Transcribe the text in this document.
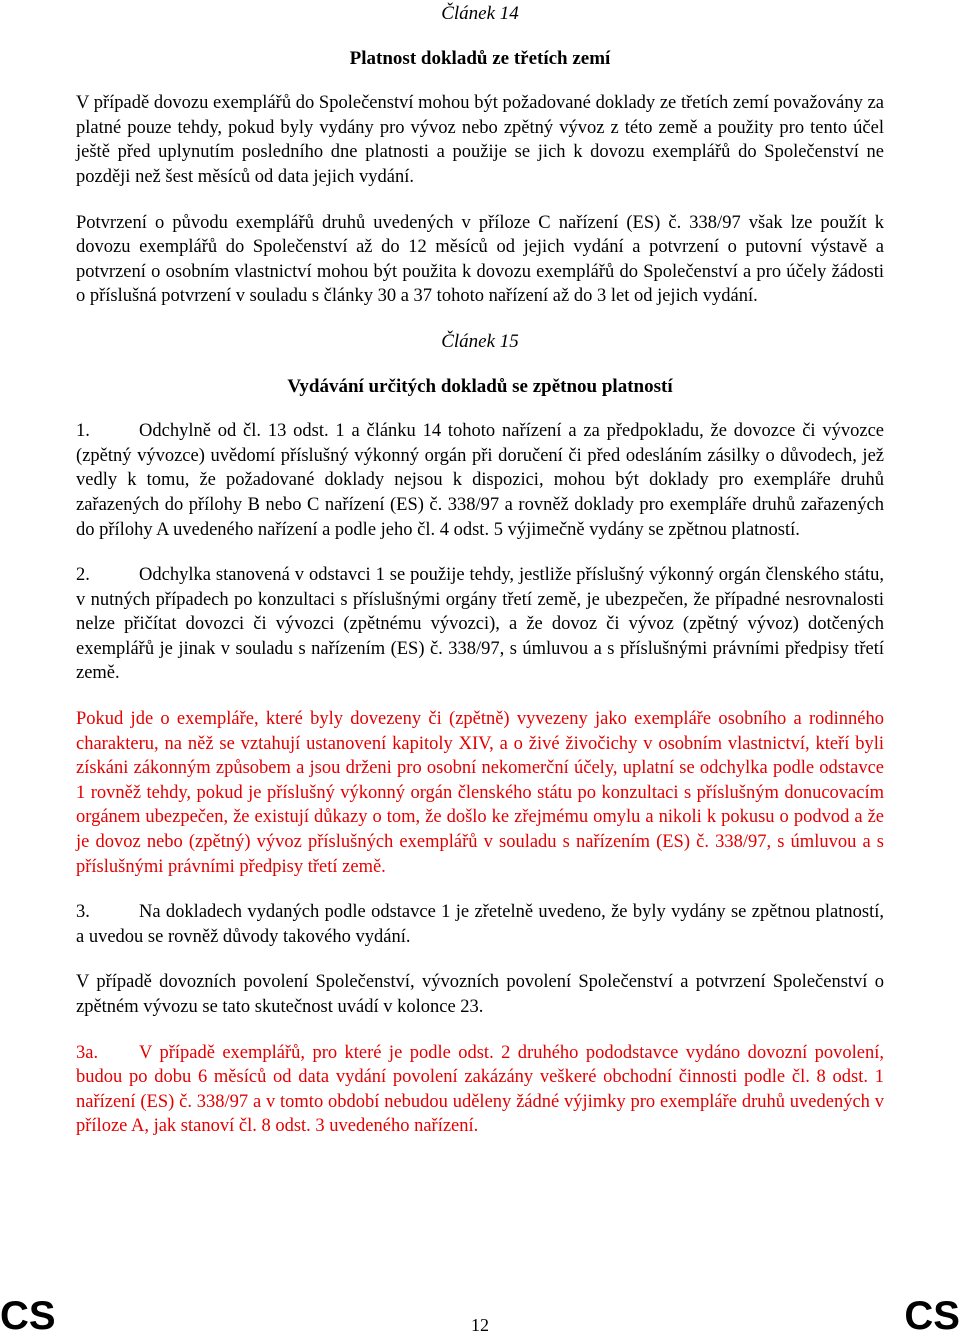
Článek 14
Platnost dokladů ze třetích zemí

V případě dovozu exemplářů do Společenství mohou být požadované doklady ze třetích zemí považovány za platné pouze tehdy, pokud byly vydány pro vývoz nebo zpětný vývoz z této země a použity pro tento účel ještě před uplynutím posledního dne platnosti a použije se jich k dovozu exemplářů do Společenství ne později než šest měsíců od data jejich vydání.

Potvrzení o původu exemplářů druhů uvedených v příloze C nařízení (ES) č. 338/97 však lze použít k dovozu exemplářů do Společenství až do 12 měsíců od jejich vydání a potvrzení o putovní výstavě a potvrzení o osobním vlastnictví mohou být použita k dovozu exemplářů do Společenství a pro účely žádosti o příslušná potvrzení v souladu s články 30 a 37 tohoto nařízení až do 3 let od jejich vydání.

Článek 15
Vydávání určitých dokladů se zpětnou platností

1.	Odchylně od čl. 13 odst. 1 a článku 14 tohoto nařízení a za předpokladu, že dovozce či vývozce (zpětný vývozce) uvědomí příslušný výkonný orgán při doručení či před odesláním zásilky o důvodech, jež vedly k tomu, že požadované doklady nejsou k dispozici, mohou být doklady pro exempláře druhů zařazených do přílohy B nebo C nařízení (ES) č. 338/97 a rovněž doklady pro exempláře druhů zařazených do přílohy A uvedeného nařízení a podle jeho čl. 4 odst. 5 výjimečně vydány se zpětnou platností.

2.	Odchylka stanovená v odstavci 1 se použije tehdy, jestliže příslušný výkonný orgán členského státu, v nutných případech po konzultaci s příslušnými orgány třetí země, je ubezpečen, že případné nesrovnalosti nelze přičítat dovozci či vývozci (zpětnému vývozci), a že dovoz či vývoz (zpětný vývoz) dotčených exemplářů je jinak v souladu s nařízením (ES) č. 338/97, s úmluvou a s příslušnými právními předpisy třetí země.

Pokud jde o exempláře, které byly dovezeny či (zpětně) vyvezeny jako exempláře osobního a rodinného charakteru, na něž se vztahují ustanovení kapitoly XIV, a o živé živočichy v osobním vlastnictví, kteří byli získáni zákonným způsobem a jsou drženi pro osobní nekomerční účely, uplatní se odchylka podle odstavce 1 rovněž tehdy, pokud je příslušný výkonný orgán členského státu po konzultaci s příslušným donucovacím orgánem ubezpečen, že existují důkazy o tom, že došlo ke zřejmému omylu a nikoli k pokusu o podvod a že je dovoz nebo (zpětný) vývoz příslušných exemplářů v souladu s nařízením (ES) č. 338/97, s úmluvou a s příslušnými právními předpisy třetí země.

3.	Na dokladech vydaných podle odstavce 1 je zřetelně uvedeno, že byly vydány se zpětnou platností, a uvedou se rovněž důvody takového vydání.

V případě dovozních povolení Společenství, vývozních povolení Společenství a potvrzení Společenství o zpětném vývozu se tato skutečnost uvádí v kolonce 23.

3a. V případě exemplářů, pro které je podle odst. 2 druhého pododstavce vydáno dovozní povolení, budou po dobu 6 měsíců od data vydání povolení zakázány veškeré obchodní činnosti podle čl. 8 odst. 1 nařízení (ES) č. 338/97 a v tomto období nebudou uděleny žádné výjimky pro exempláře druhů uvedených v příloze A, jak stanoví čl. 8 odst. 3 uvedeného nařízení.

CS	12	CS
